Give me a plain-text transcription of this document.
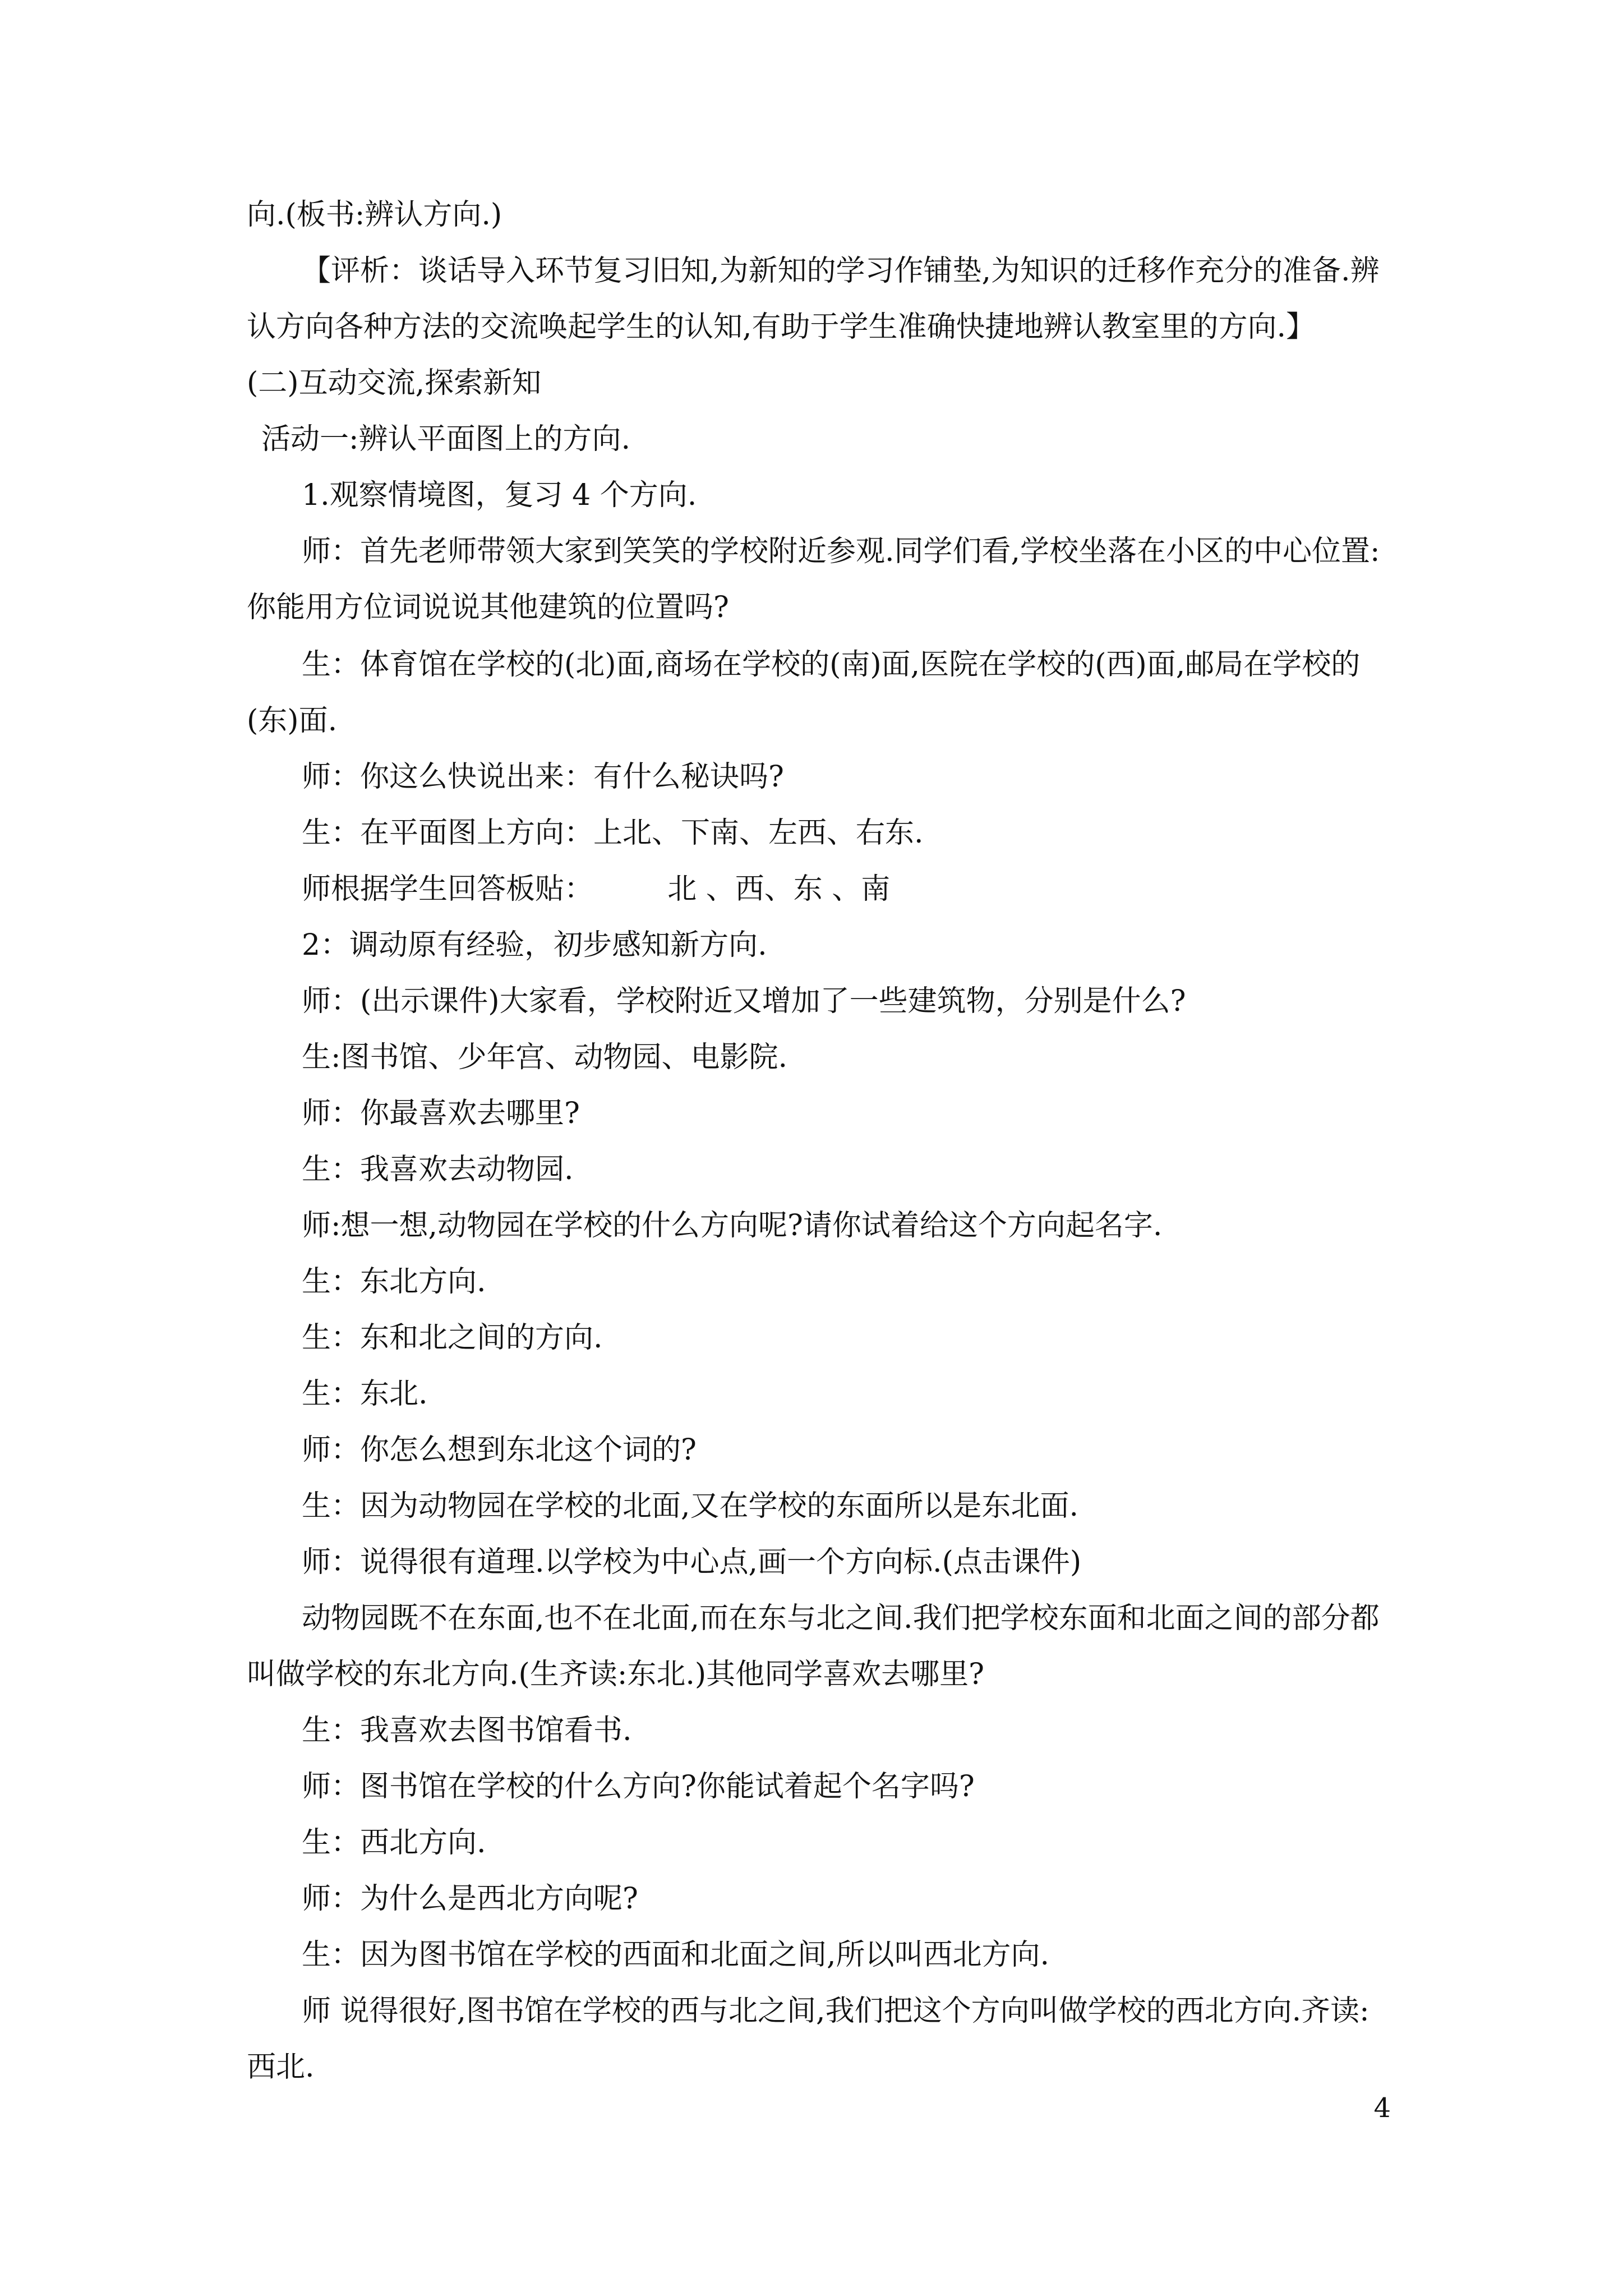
向.(板书:辨认方向.)

【评析：谈话导入环节复习旧知,为新知的学习作铺垫,为知识的迁移作充分的准备.辨

认方向各种方法的交流唤起学生的认知,有助于学生准确快捷地辨认教室里的方向.】

(二)互动交流,探索新知

活动一:辨认平面图上的方向.

1.观察情境图，复习 4 个方向.

师：首先老师带领大家到笑笑的学校附近参观.同学们看,学校坐落在小区的中心位置:

你能用方位词说说其他建筑的位置吗?

生：体育馆在学校的(北)面,商场在学校的(南)面,医院在学校的(西)面,邮局在学校的

(东)面.

师：你这么快说出来：有什么秘诀吗?

生：在平面图上方向：上北、下南、左西、右东.

师根据学生回答板贴：        北 、西、东 、南

2：调动原有经验，初步感知新方向.

师：(出示课件)大家看，学校附近又增加了一些建筑物，分别是什么?

生:图书馆、少年宫、动物园、电影院.

师：你最喜欢去哪里?

生：我喜欢去动物园.

师:想一想,动物园在学校的什么方向呢?请你试着给这个方向起名字.

生：东北方向.

生：东和北之间的方向.

生：东北.

师：你怎么想到东北这个词的?

生：因为动物园在学校的北面,又在学校的东面所以是东北面.

师：说得很有道理.以学校为中心点,画一个方向标.(点击课件)

动物园既不在东面,也不在北面,而在东与北之间.我们把学校东面和北面之间的部分都

叫做学校的东北方向.(生齐读:东北.)其他同学喜欢去哪里?

生：我喜欢去图书馆看书.

师：图书馆在学校的什么方向?你能试着起个名字吗?

生：西北方向.

师：为什么是西北方向呢?

生：因为图书馆在学校的西面和北面之间,所以叫西北方向.

师 说得很好,图书馆在学校的西与北之间,我们把这个方向叫做学校的西北方向.齐读:

西北.

4
